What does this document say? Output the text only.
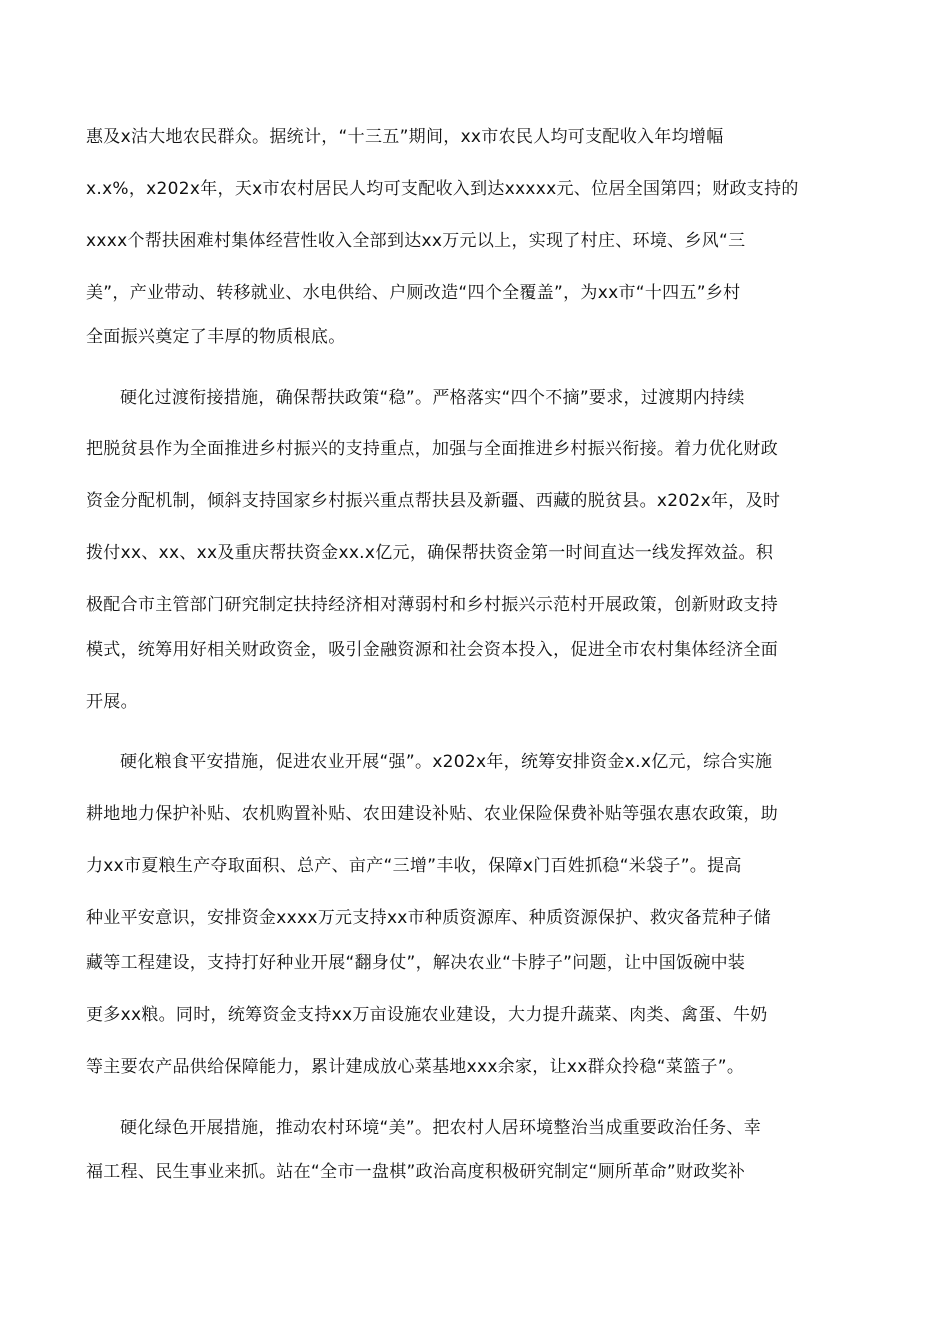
惠及x沽大地农民群众。据统计，“十三五”期间，xx市农民人均可支配收入年均增幅
x.x%，x202x年，天x市农村居民人均可支配收入到达xxxxx元、位居全国第四；财政支持的
xxxx个帮扶困难村集体经营性收入全部到达xx万元以上，实现了村庄、环境、乡风“三
美”，产业带动、转移就业、水电供给、户厕改造“四个全覆盖”，为xx市“十四五”乡村
全面振兴奠定了丰厚的物质根底。
硬化过渡衔接措施，确保帮扶政策“稳”。严格落实“四个不摘”要求，过渡期内持续
把脱贫县作为全面推进乡村振兴的支持重点，加强与全面推进乡村振兴衔接。着力优化财政
资金分配机制，倾斜支持国家乡村振兴重点帮扶县及新疆、西藏的脱贫县。x202x年，及时
拨付xx、xx、xx及重庆帮扶资金xx.x亿元，确保帮扶资金第一时间直达一线发挥效益。积
极配合市主管部门研究制定扶持经济相对薄弱村和乡村振兴示范村开展政策，创新财政支持
模式，统筹用好相关财政资金，吸引金融资源和社会资本投入，促进全市农村集体经济全面
开展。
硬化粮食平安措施，促进农业开展“强”。x202x年，统筹安排资金x.x亿元，综合实施
耕地地力保护补贴、农机购置补贴、农田建设补贴、农业保险保费补贴等强农惠农政策，助
力xx市夏粮生产夺取面积、总产、亩产“三增”丰收，保障x门百姓抓稳“米袋子”。提高
种业平安意识，安排资金xxxx万元支持xx市种质资源库、种质资源保护、救灾备荒种子储
藏等工程建设，支持打好种业开展“翻身仗”，解决农业“卡脖子”问题，让中国饭碗中装
更多xx粮。同时，统筹资金支持xx万亩设施农业建设，大力提升蔬菜、肉类、禽蛋、牛奶
等主要农产品供给保障能力，累计建成放心菜基地xxx余家，让xx群众拎稳“菜篮子”。
硬化绿色开展措施，推动农村环境“美”。把农村人居环境整治当成重要政治任务、幸
福工程、民生事业来抓。站在“全市一盘棋”政治高度积极研究制定“厕所革命”财政奖补
